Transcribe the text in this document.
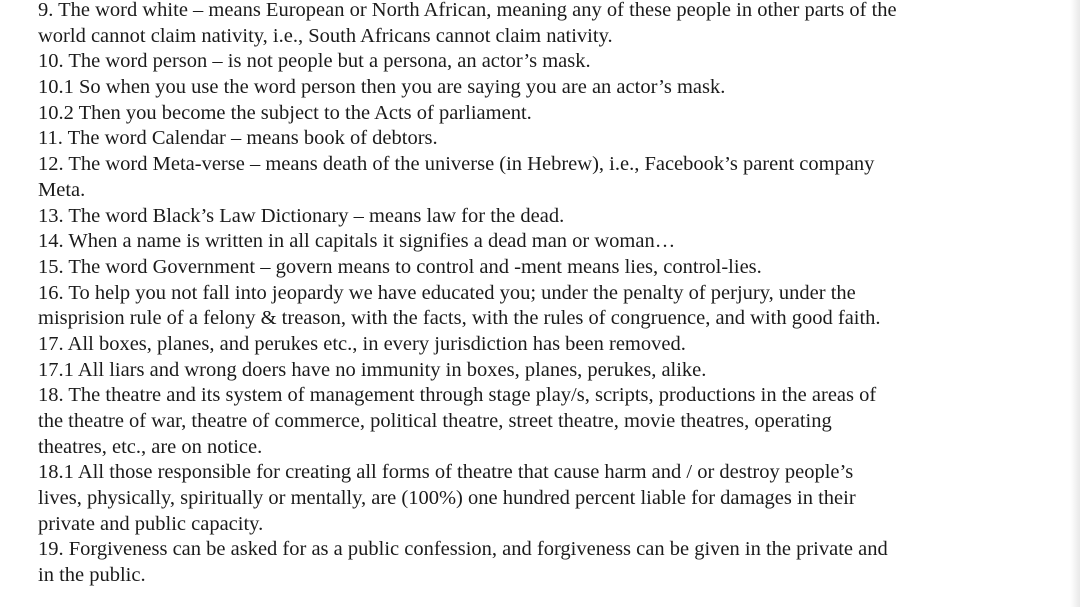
9. The word white – means European or North African, meaning any of these people in other parts of the
world cannot claim nativity, i.e., South Africans cannot claim nativity.
10. The word person – is not people but a persona, an actor’s mask.
10.1 So when you use the word person then you are saying you are an actor’s mask.
10.2 Then you become the subject to the Acts of parliament.
11. The word Calendar – means book of debtors.
12. The word Meta-verse – means death of the universe (in Hebrew), i.e., Facebook’s parent company
Meta.
13. The word Black’s Law Dictionary – means law for the dead.
14. When a name is written in all capitals it signifies a dead man or woman…
15. The word Government – govern means to control and -ment means lies, control-lies.
16. To help you not fall into jeopardy we have educated you; under the penalty of perjury, under the
misprision rule of a felony & treason, with the facts, with the rules of congruence, and with good faith.
17. All boxes, planes, and perukes etc., in every jurisdiction has been removed.
17.1 All liars and wrong doers have no immunity in boxes, planes, perukes, alike.
18. The theatre and its system of management through stage play/s, scripts, productions in the areas of
the theatre of war, theatre of commerce, political theatre, street theatre, movie theatres, operating
theatres, etc., are on notice.
18.1 All those responsible for creating all forms of theatre that cause harm and / or destroy people’s
lives, physically, spiritually or mentally, are (100%) one hundred percent liable for damages in their
private and public capacity.
19. Forgiveness can be asked for as a public confession, and forgiveness can be given in the private and
in the public.
